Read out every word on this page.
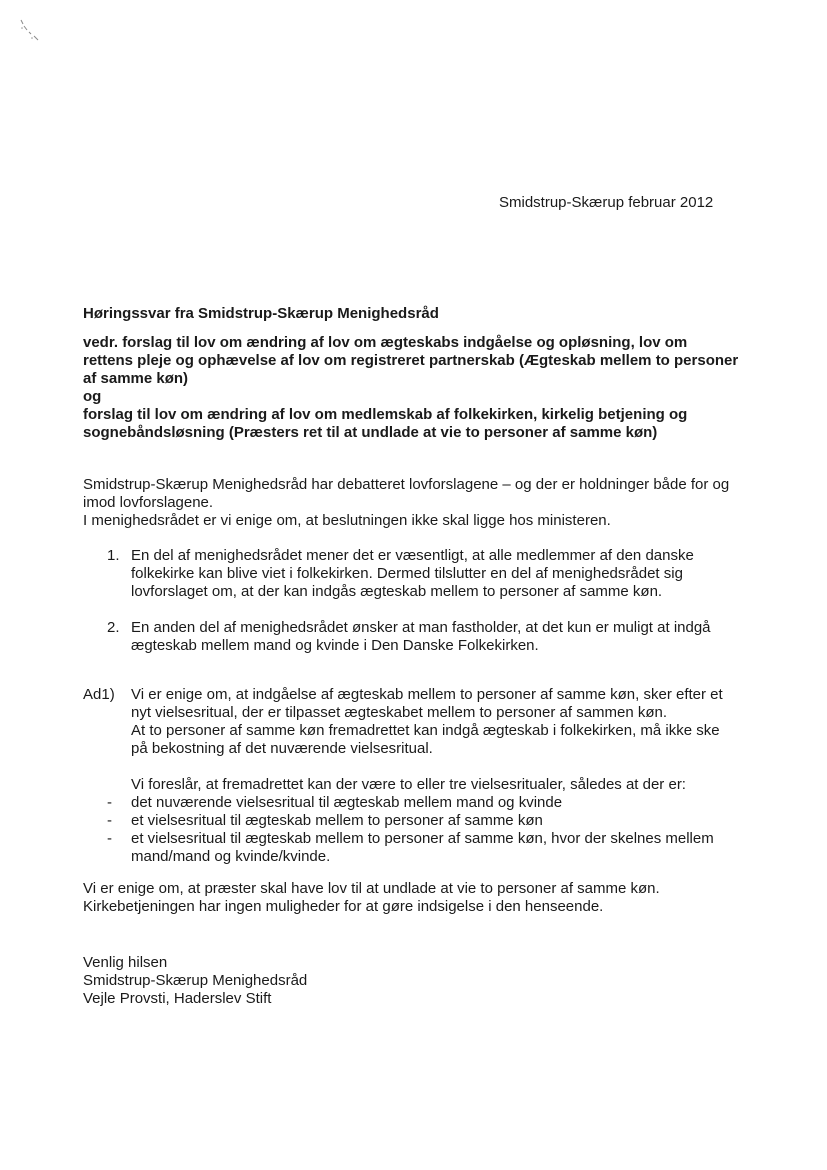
Smidstrup-Skærup februar 2012
Høringssvar fra Smidstrup-Skærup Menighedsråd
vedr. forslag til lov om ændring af lov om ægteskabs indgåelse og opløsning, lov om
rettens pleje og ophævelse af lov om registreret partnerskab (Ægteskab mellem to personer
af samme køn)
og
forslag til lov om ændring af lov om medlemskab af folkekirken, kirkelig betjening og
sognebåndsløsning (Præsters ret til at undlade at vie to personer af samme køn)
Smidstrup-Skærup Menighedsråd har debatteret lovforslagene – og der er holdninger både for og
imod lovforslagene.
I menighedsrådet er vi enige om, at beslutningen ikke skal ligge hos ministeren.
1. En del af menighedsrådet mener det er væsentligt, at alle medlemmer af den danske
folkekirke kan blive viet i folkekirken. Dermed tilslutter en del af menighedsrådet sig
lovforslaget om, at der kan indgås ægteskab mellem to personer af samme køn.
2. En anden del af menighedsrådet ønsker at man fastholder, at det kun er muligt at indgå
ægteskab mellem mand og kvinde i Den Danske Folkekirken.
Ad1) Vi er enige om, at indgåelse af ægteskab mellem to personer af samme køn, sker efter et
nyt vielsesritual, der er tilpasset ægteskabet mellem to personer af sammen køn.
At to personer af samme køn fremadrettet kan indgå ægteskab i folkekirken, må ikke ske
på bekostning af det nuværende vielsesritual.
Vi foreslår, at fremadrettet kan der være to eller tre vielsesritualer, således at der er:
- det nuværende vielsesritual til ægteskab mellem mand og kvinde
- et vielsesritual til ægteskab mellem to personer af samme køn
- et vielsesritual til ægteskab mellem to personer af samme køn, hvor der skelnes mellem
mand/mand og kvinde/kvinde.
Vi er enige om, at præster skal have lov til at undlade at vie to personer af samme køn.
Kirkebetjeningen har ingen muligheder for at gøre indsigelse i den henseende.
Venlig hilsen
Smidstrup-Skærup Menighedsråd
Vejle Provsti, Haderslev Stift
